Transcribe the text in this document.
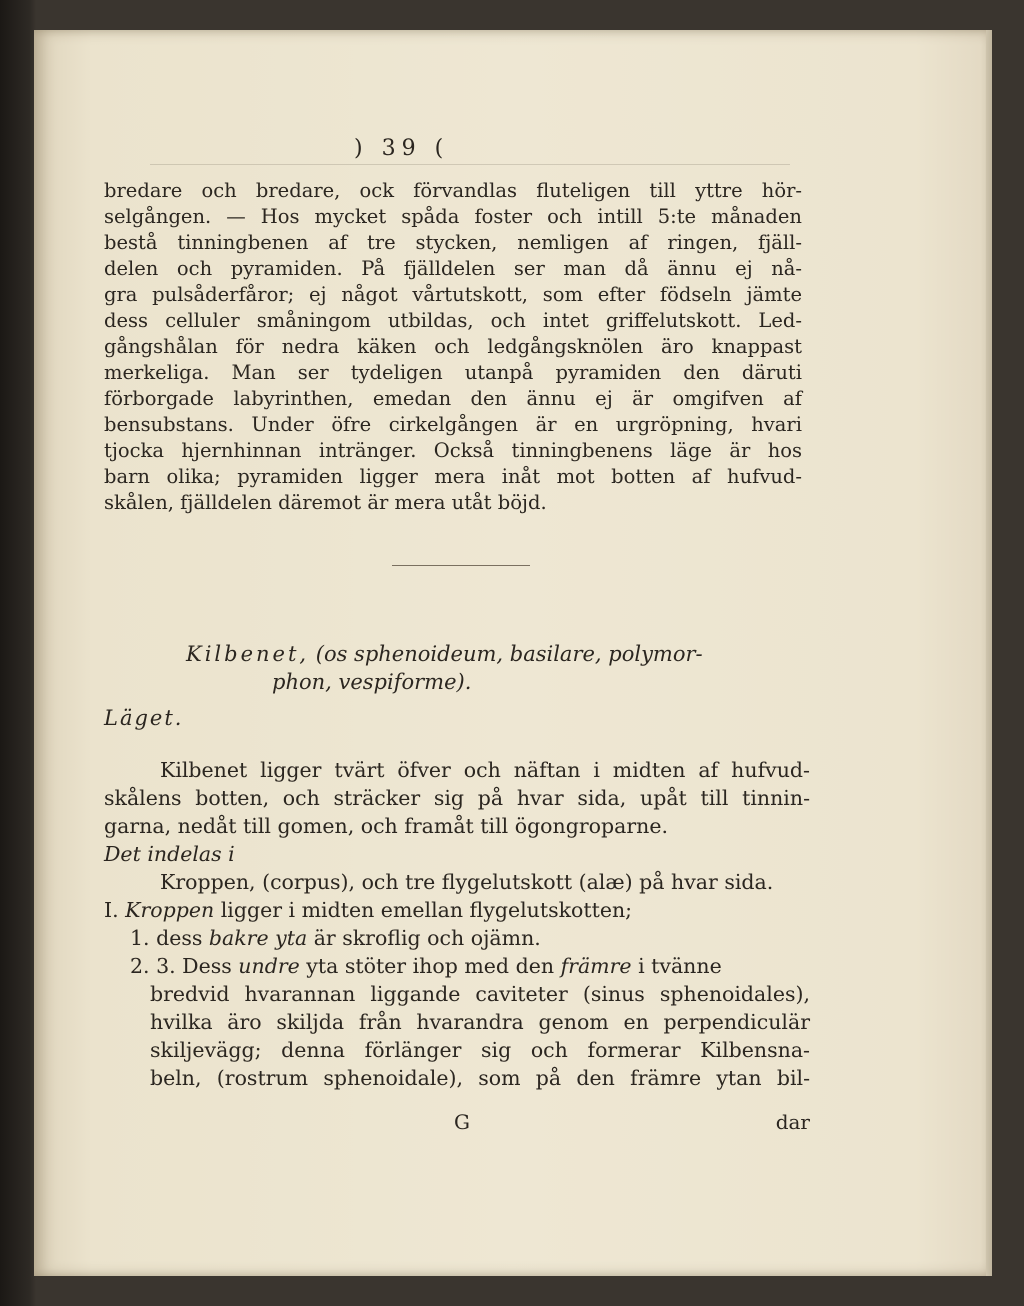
) 39 (
bredare och bredare, ock förvandlas fluteligen till yttre hör-
selgången. — Hos mycket spåda foster och intill 5:te månaden
bestå tinningbenen af tre stycken, nemligen af ringen, fjäll-
delen och pyramiden. På fjälldelen ser man då ännu ej nå-
gra pulsåderfåror; ej något vårtutskott, som efter födseln jämte
dess celluler småningom utbildas, och intet griffelutskott. Led-
gångshålan för nedra käken och ledgångsknölen äro knappast
merkeliga. Man ser tydeligen utanpå pyramiden den däruti
förborgade labyrinthen, emedan den ännu ej är omgifven af
bensubstans. Under öfre cirkelgången är en urgröpning, hvari
tjocka hjernhinnan intränger. Också tinningbenens läge är hos
barn olika; pyramiden ligger mera inåt mot botten af hufvud-
skålen, fjälldelen däremot är mera utåt böjd.
Kilbenet, (os sphenoideum, basilare, polymor-
phon, vespiforme).
Läget.
Kilbenet ligger tvärt öfver och näftan i midten af hufvud-
skålens botten, och sträcker sig på hvar sida, upåt till tinnin-
garna, nedåt till gomen, och framåt till ögongroparne.
Det indelas i
Kroppen, (corpus), och tre flygelutskott (alæ) på hvar sida.
I. Kroppen ligger i midten emellan flygelutskotten;
1. dess bakre yta är skroflig och ojämn.
2. 3. Dess undre yta stöter ihop med den främre i tvänne
bredvid hvarannan liggande caviteter (sinus sphenoidales),
hvilka äro skiljda från hvarandra genom en perpendiculär
skiljevägg; denna förlänger sig och formerar Kilbensna-
beln, (rostrum sphenoidale), som på den främre ytan bil-
G	dar
